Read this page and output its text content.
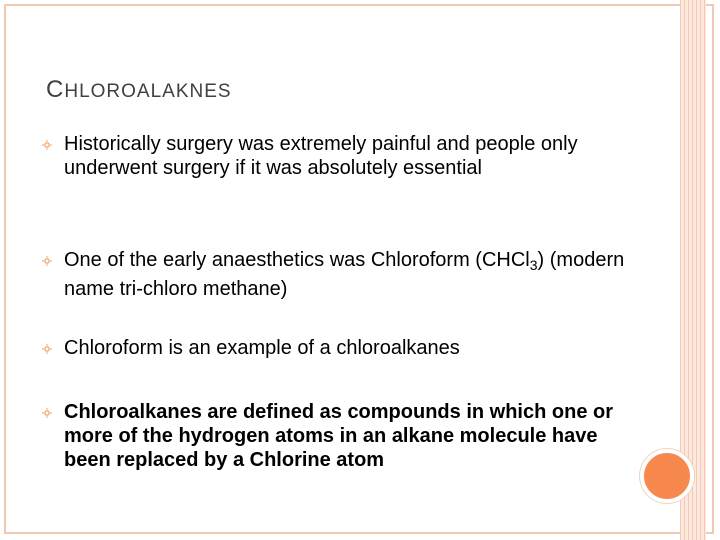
CHLOROALAKNES
Historically surgery was extremely painful and people only underwent surgery if it was absolutely essential
One of the early anaesthetics was Chloroform (CHCl$_3$) (modern name tri-chloro methane)
Chloroform is an example of a chloroalkanes
Chloroalkanes are defined as compounds in which one or more of the hydrogen atoms in an alkane molecule have been replaced by a Chlorine atom
